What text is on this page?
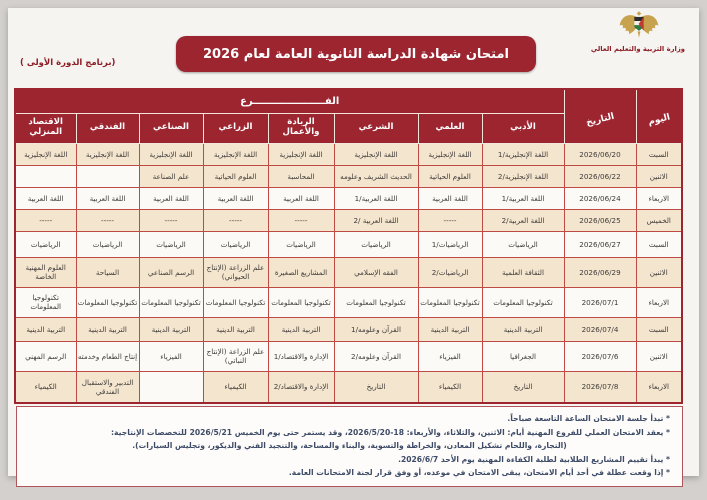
وزارة التربية والتعليم العالي
امتحان شهادة الدراسة الثانوية العامة لعام 2026
(برنامج الدورة الأولى )
اليوم	التاريخ	الفـــــــــــــــــــــرع							
		الأدبي	العلمي	الشرعي	الريادة والأعمال	الزراعي	الصناعي	الفندقي	الاقتصاد المنزلي
السبت	2026/06/20	اللغة الإنجليزية/1	اللغة الإنجليزية	اللغة الإنجليزية	اللغة الإنجليزية	اللغة الإنجليزية	اللغة الإنجليزية	اللغة الإنجليزية	اللغة الإنجليزية
الاثنين	2026/06/22	اللغة الإنجليزية/2	العلوم الحياتية	الحديث الشريف وعلومه	المحاسبة	العلوم الحياتية	علم الصناعة		
الاربعاء	2026/06/24	اللغة العربية/1	اللغة العربية	اللغة العربية/1	اللغة العربية	اللغة العربية	اللغة العربية	اللغة العربية	اللغة العربية
الخميس	2026/06/25	اللغة العربية/2	-----	اللغة العربية /2	-----	-----	-----	-----	-----
السبت	2026/06/27	الرياضيات	الرياضيات/1	الرياضيات	الرياضيات	الرياضيات	الرياضيات	الرياضيات	الرياضيات
الاثنين	2026/06/29	الثقافة العلمية	الرياضيات/2	الفقه الإسلامي	المشاريع الصغيرة	علم الزراعة (الإنتاج الحيواني)	الرسم الصناعي	السياحة	العلوم المهنية الخاصة
الاربعاء	2026/07/1	تكنولوجيا المعلومات	تكنولوجيا المعلومات	تكنولوجيا المعلومات	تكنولوجيا المعلومات	تكنولوجيا المعلومات	تكنولوجيا المعلومات	تكنولوجيا المعلومات	تكنولوجيا المعلومات
السبت	2026/07/4	التربية الدينية	التربية الدينية	القرآن وعلومه/1	التربية الدينية	التربية الدينية	التربية الدينية	التربية الدينية	التربية الدينية
الاثنين	2026/07/6	الجغرافيا	الفيزياء	القرآن وعلومه/2	الإدارة والاقتصاد/1	علم الزراعة (الإنتاج النباتي)	الفيزياء	إنتاج الطعام وخدمته	الرسم المهني
الاربعاء	2026/07/8	التاريخ	الكيمياء	التاريخ	الإدارة والاقتصاد/2	الكيمياء		التدبير والاستقبال الفندقي	الكيمياء
* تبدأ جلسة الامتحان الساعة التاسعة صباحاً.
* يعقد الامتحان العملي للفروع المهنية أيام: الاثنين، والثلاثاء، والأربعاء: 18-2026/5/20، وقد يستمر حتى يوم الخميس 2026/5/21 للتخصصات الإنتاجية:
(التجارة، واللحام تشكيل المعادن، والخراطة والتسوية، والبناء والمساحة، والتنجيد الفني والديكور، وتجليس السيارات).
* يبدأ تقييم المشاريع الطلابية لطلبة الكفاءة المهنية يوم الأحد 2026/6/7.
* إذا وقعت عطلة في أحد أيام الامتحان، يبقى الامتحان في موعده، أو وفق قرار لجنة الامتحانات العامة.
